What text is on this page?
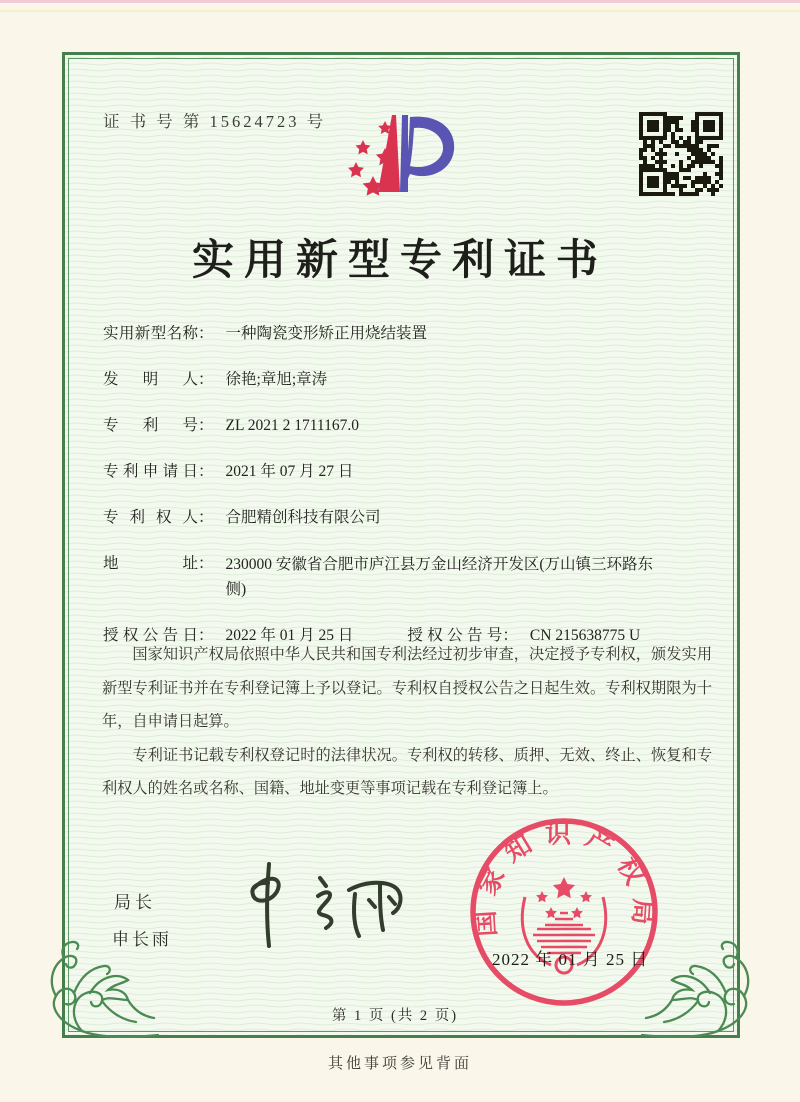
证 书 号 第 15624723 号
实用新型专利证书
实用新型名称： 一种陶瓷变形矫正用烧结装置
发明人： 徐艳;章旭;章涛
专利号： ZL 2021 2 1711167.0
专利申请日： 2021 年 07 月 27 日
专利权人： 合肥精创科技有限公司
地址： 230000 安徽省合肥市庐江县万金山经济开发区(万山镇三环路东侧)
授权公告日： 2022 年 01 月 25 日	授权公告号： CN 215638775 U

国家知识产权局依照中华人民共和国专利法经过初步审查，决定授予专利权，颁发实用新型专利证书并在专利登记簿上予以登记。专利权自授权公告之日起生效。专利权期限为十年，自申请日起算。

专利证书记载专利权登记时的法律状况。专利权的转移、质押、无效、终止、恢复和专利权人的姓名或名称、国籍、地址变更等事项记载在专利登记簿上。

局长
申长雨
国家知识产权局
2022 年 01 月 25 日
第 1 页 (共 2 页)
其他事项参见背面
